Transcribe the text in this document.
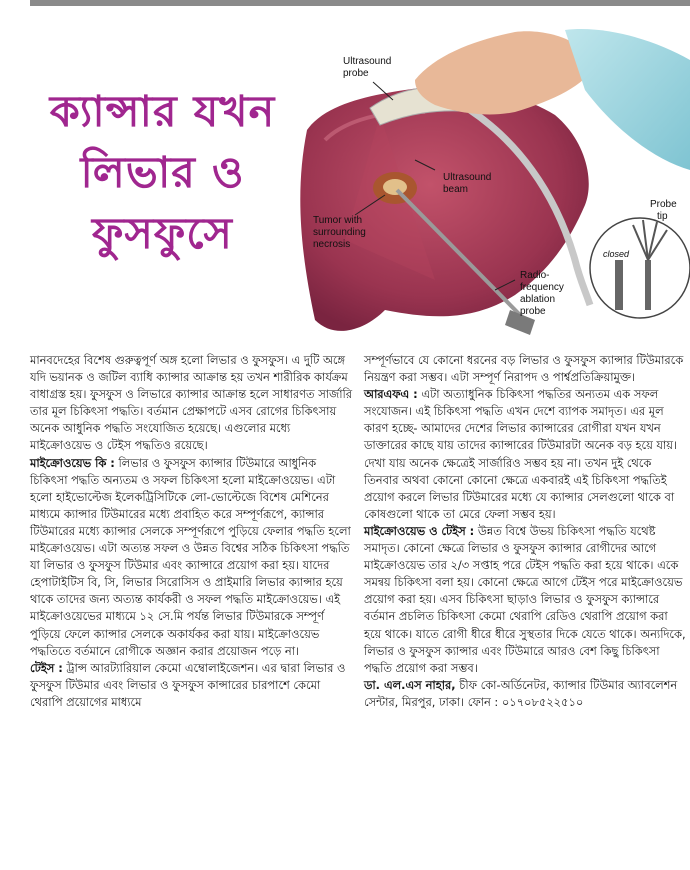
ক্যান্সার যখন
লিভার ও
ফুসফুসে
Ultrasound probe
Ultrasound beam
Tumor with surrounding necrosis
Radio- frequency ablation probe
Probe tip
closed

মানবদেহের বিশেষ গুরুত্বপূর্ণ অঙ্গ হলো লিভার ও ফুসফুস। এ দুটি অঙ্গে যদি ভয়ানক ও জটিল ব্যাধি ক্যান্সার আক্রান্ত হয় তখন শারীরিক কার্যক্রম বাধাগ্রস্ত হয়। ফুসফুস ও লিভারে ক্যান্সার আক্রান্ত হলে সাধারণত সার্জারি তার মূল চিকিৎসা পদ্ধতি। বর্তমান প্রেক্ষাপটে এসব রোগের চিকিৎসায় অনেক আধুনিক পদ্ধতি সংযোজিত হয়েছে। এগুলোর মধ্যে মাইক্রোওয়েভ ও টেইস পদ্ধতিও রয়েছে।

মাইক্রোওয়েভ কি : লিভার ও ফুসফুস ক্যান্সার টিউমারে আধুনিক চিকিৎসা পদ্ধতি অন্যতম ও সফল চিকিৎসা হলো মাইক্রোওয়েভ। এটা হলো হাইভোল্টেজ ইলেকট্রিসিটিকে লো-ভোল্টেজে বিশেষ মেশিনের মাধ্যমে ক্যান্সার টিউমারের মধ্যে প্রবাহিত করে সম্পূর্ণরূপে, ক্যান্সার টিউমারের মধ্যে ক্যান্সার সেলকে সম্পূর্ণরূপে পুড়িয়ে ফেলার পদ্ধতি হলো মাইক্রোওয়েভ। এটা অত্যন্ত সফল ও উন্নত বিশ্বের সঠিক চিকিৎসা পদ্ধতি যা লিভার ও ফুসফুস টিউমার এবং ক্যান্সারে প্রয়োগ করা হয়। যাদের হেপাটাইটিস বি, সি, লিভার সিরোসিস ও প্রাইমারি লিভার ক্যান্সার হয়ে থাকে তাদের জন্য অত্যন্ত কার্যকরী ও সফল পদ্ধতি মাইক্রোওয়েভ। এই মাইক্রোওয়েভের মাধ্যমে ১২ সে.মি পর্যন্ত লিভার টিউমারকে সম্পূর্ণ পুড়িয়ে ফেলে ক্যান্সার সেলকে অকার্যকর করা যায়। মাইক্রোওয়েভ পদ্ধতিতে বর্তমানে রোগীকে অজ্ঞান করার প্রয়োজন পড়ে না।

টেইস : ট্রান্স আরট্যারিয়াল কেমো এম্বোলাইজেশন। এর দ্বারা লিভার ও ফুসফুস টিউমার এবং লিভার ও ফুসফুস কান্সারের চারপাশে কেমো থেরাপি প্রয়োগের মাধ্যমে

সম্পূর্ণভাবে যে কোনো ধরনের বড় লিভার ও ফুসফুস ক্যান্সার টিউমারকে নিয়ন্ত্রণ করা সম্ভব। এটা সম্পূর্ণ নিরাপদ ও পার্শ্বপ্রতিক্রিয়ামুক্ত।

আরএফএ : এটা অত্যাধুনিক চিকিৎসা পদ্ধতির অন্যতম এক সফল সংযোজন। এই চিকিৎসা পদ্ধতি এখন দেশে ব্যাপক সমাদৃত। এর মূল কারণ হচ্ছে- আমাদের দেশের লিভার ক্যান্সারের রোগীরা যখন যখন ডাক্তারের কাছে যায় তাদের ক্যান্সারের টিউমারটা অনেক বড় হয়ে যায়। দেখা যায় অনেক ক্ষেত্রেই সার্জারিও সম্ভব হয় না। তখন দুই থেকে তিনবার অথবা কোনো কোনো ক্ষেত্রে একবারই এই চিকিৎসা পদ্ধতিই প্রয়োগ করলে লিভার টিউমারের মধ্যে যে ক্যান্সার সেলগুলো থাকে বা কোষগুলো থাকে তা মেরে ফেলা সম্ভব হয়।

মাইক্রোওয়েভ ও টেইস : উন্নত বিশ্বে উভয় চিকিৎসা পদ্ধতি যথেষ্ট সমাদৃত। কোনো ক্ষেত্রে লিভার ও ফুসফুস ক্যান্সার রোগীদের আগে মাইক্রোওয়েভ তার ২/৩ সপ্তাহ পরে টেইস পদ্ধতি করা হয়ে থাকে। একে সমন্বয় চিকিৎসা বলা হয়। কোনো ক্ষেত্রে আগে টেইস পরে মাইক্রোওয়েভ প্রয়োগ করা হয়। এসব চিকিৎসা ছাড়াও লিভার ও ফুসফুস ক্যান্সারে বর্তমান প্রচলিত চিকিৎসা কেমো থেরাপি রেডিও থেরাপি প্রয়োগ করা হয়ে থাকে। যাতে রোগী ধীরে ধীরে সুস্থতার দিকে যেতে থাকে। অন্যদিকে, লিভার ও ফুসফুস ক্যান্সার এবং টিউমারে আরও বেশ কিছু চিকিৎসা পদ্ধতি প্রয়োগ করা সম্ভব।

ডা. এল.এস নাহার, চীফ কো-অর্ডিনেটর, ক্যান্সার টিউমার অ্যাবলেশন সেন্টার, মিরপুর, ঢাকা। ফোন : ০১৭০৮৫২২৫১০
